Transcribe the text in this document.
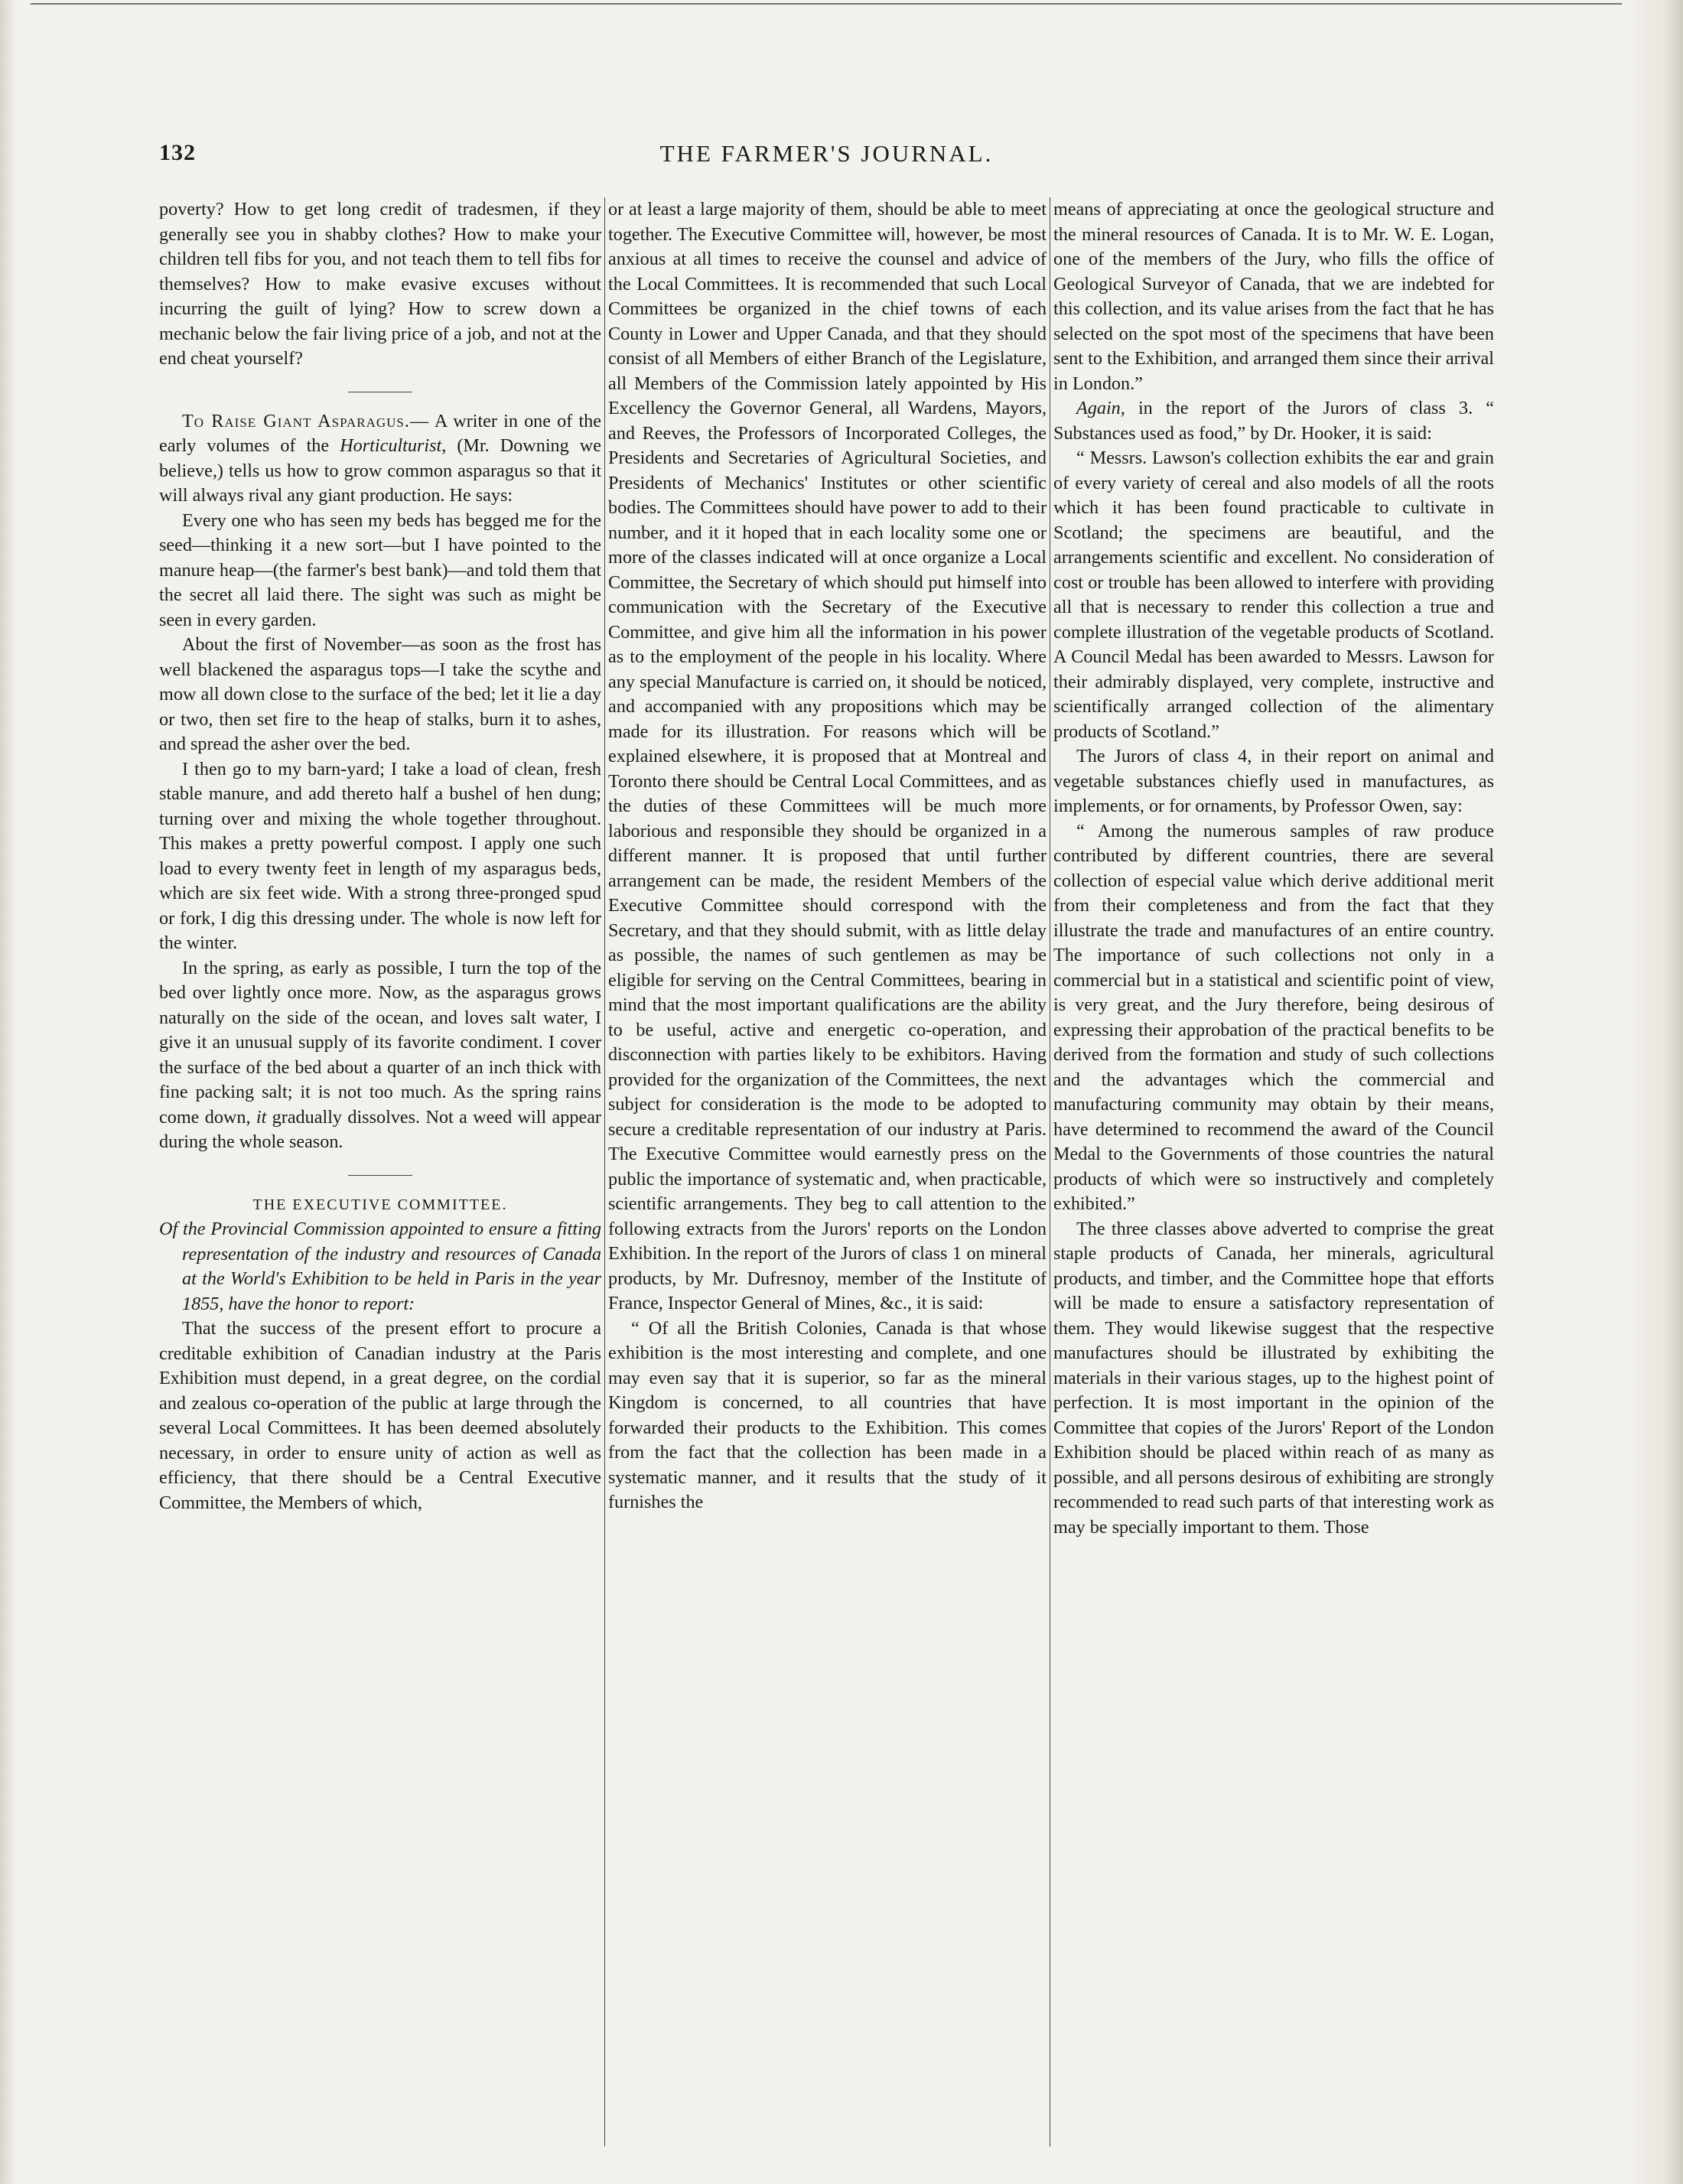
132	THE FARMER'S JOURNAL.

poverty? How to get long credit of tradesmen, if they generally see you in shabby clothes? How to make your children tell fibs for you, and not teach them to tell fibs for themselves? How to make evasive excuses without incurring the guilt of lying? How to screw down a mechanic below the fair living price of a job, and not at the end cheat yourself?

To Raise Giant Asparagus.— A writer in one of the early volumes of the Horticulturist, (Mr. Downing we believe,) tells us how to grow common asparagus so that it will always rival any giant production. He says:

Every one who has seen my beds has begged me for the seed—thinking it a new sort—but I have pointed to the manure heap—(the farmer's best bank)—and told them that the secret all laid there. The sight was such as might be seen in every garden.

About the first of November—as soon as the frost has well blackened the asparagus tops—I take the scythe and mow all down close to the surface of the bed; let it lie a day or two, then set fire to the heap of stalks, burn it to ashes, and spread the asher over the bed.

I then go to my barn-yard; I take a load of clean, fresh stable manure, and add thereto half a bushel of hen dung; turning over and mixing the whole together throughout. This makes a pretty powerful compost. I apply one such load to every twenty feet in length of my asparagus beds, which are six feet wide. With a strong three-pronged spud or fork, I dig this dressing under. The whole is now left for the winter.

In the spring, as early as possible, I turn the top of the bed over lightly once more. Now, as the asparagus grows naturally on the side of the ocean, and loves salt water, I give it an unusual supply of its favorite condiment. I cover the surface of the bed about a quarter of an inch thick with fine packing salt; it is not too much. As the spring rains come down, it gradually dissolves. Not a weed will appear during the whole season.

THE EXECUTIVE COMMITTEE.

Of the Provincial Commission appointed to ensure a fitting representation of the industry and resources of Canada at the World's Exhibition to be held in Paris in the year 1855, have the honor to report:

That the success of the present effort to procure a creditable exhibition of Canadian industry at the Paris Exhibition must depend, in a great degree, on the cordial and zealous co-operation of the public at large through the several Local Committees. It has been deemed absolutely necessary, in order to ensure unity of action as well as efficiency, that there should be a Central Executive Committee, the Members of which,

or at least a large majority of them, should be able to meet together. The Executive Committee will, however, be most anxious at all times to receive the counsel and advice of the Local Committees. It is recommended that such Local Committees be organized in the chief towns of each County in Lower and Upper Canada, and that they should consist of all Members of either Branch of the Legislature, all Members of the Commission lately appointed by His Excellency the Governor General, all Wardens, Mayors, and Reeves, the Professors of Incorporated Colleges, the Presidents and Secretaries of Agricultural Societies, and Presidents of Mechanics' Institutes or other scientific bodies. The Committees should have power to add to their number, and it it hoped that in each locality some one or more of the classes indicated will at once organize a Local Committee, the Secretary of which should put himself into communication with the Secretary of the Executive Committee, and give him all the information in his power as to the employment of the people in his locality. Where any special Manufacture is carried on, it should be noticed, and accompanied with any propositions which may be made for its illustration. For reasons which will be explained elsewhere, it is proposed that at Montreal and Toronto there should be Central Local Committees, and as the duties of these Committees will be much more laborious and responsible they should be organized in a different manner. It is proposed that until further arrangement can be made, the resident Members of the Executive Committee should correspond with the Secretary, and that they should submit, with as little delay as possible, the names of such gentlemen as may be eligible for serving on the Central Committees, bearing in mind that the most important qualifications are the ability to be useful, active and energetic co-operation, and disconnection with parties likely to be exhibitors. Having provided for the organization of the Committees, the next subject for consideration is the mode to be adopted to secure a creditable representation of our industry at Paris. The Executive Committee would earnestly press on the public the importance of systematic and, when practicable, scientific arrangements. They beg to call attention to the following extracts from the Jurors' reports on the London Exhibition. In the report of the Jurors of class 1 on mineral products, by Mr. Dufresnoy, member of the Institute of France, Inspector General of Mines, &c., it is said:

“ Of all the British Colonies, Canada is that whose exhibition is the most interesting and complete, and one may even say that it is superior, so far as the mineral Kingdom is concerned, to all countries that have forwarded their products to the Exhibition. This comes from the fact that the collection has been made in a systematic manner, and it results that the study of it furnishes the

means of appreciating at once the geological structure and the mineral resources of Canada. It is to Mr. W. E. Logan, one of the members of the Jury, who fills the office of Geological Surveyor of Canada, that we are indebted for this collection, and its value arises from the fact that he has selected on the spot most of the specimens that have been sent to the Exhibition, and arranged them since their arrival in London.”

Again, in the report of the Jurors of class 3. “ Substances used as food,” by Dr. Hooker, it is said:

“ Messrs. Lawson's collection exhibits the ear and grain of every variety of cereal and also models of all the roots which it has been found practicable to cultivate in Scotland; the specimens are beautiful, and the arrangements scientific and excellent. No consideration of cost or trouble has been allowed to interfere with providing all that is necessary to render this collection a true and complete illustration of the vegetable products of Scotland. A Council Medal has been awarded to Messrs. Lawson for their admirably displayed, very complete, instructive and scientifically arranged collection of the alimentary products of Scotland.”

The Jurors of class 4, in their report on animal and vegetable substances chiefly used in manufactures, as implements, or for ornaments, by Professor Owen, say:

“ Among the numerous samples of raw produce contributed by different countries, there are several collection of especial value which derive additional merit from their completeness and from the fact that they illustrate the trade and manufactures of an entire country. The importance of such collections not only in a commercial but in a statistical and scientific point of view, is very great, and the Jury therefore, being desirous of expressing their approbation of the practical benefits to be derived from the formation and study of such collections and the advantages which the commercial and manufacturing community may obtain by their means, have determined to recommend the award of the Council Medal to the Governments of those countries the natural products of which were so instructively and completely exhibited.”

The three classes above adverted to comprise the great staple products of Canada, her minerals, agricultural products, and timber, and the Committee hope that efforts will be made to ensure a satisfactory representation of them. They would likewise suggest that the respective manufactures should be illustrated by exhibiting the materials in their various stages, up to the highest point of perfection. It is most important in the opinion of the Committee that copies of the Jurors' Report of the London Exhibition should be placed within reach of as many as possible, and all persons desirous of exhibiting are strongly recommended to read such parts of that interesting work as may be specially important to them. Those
